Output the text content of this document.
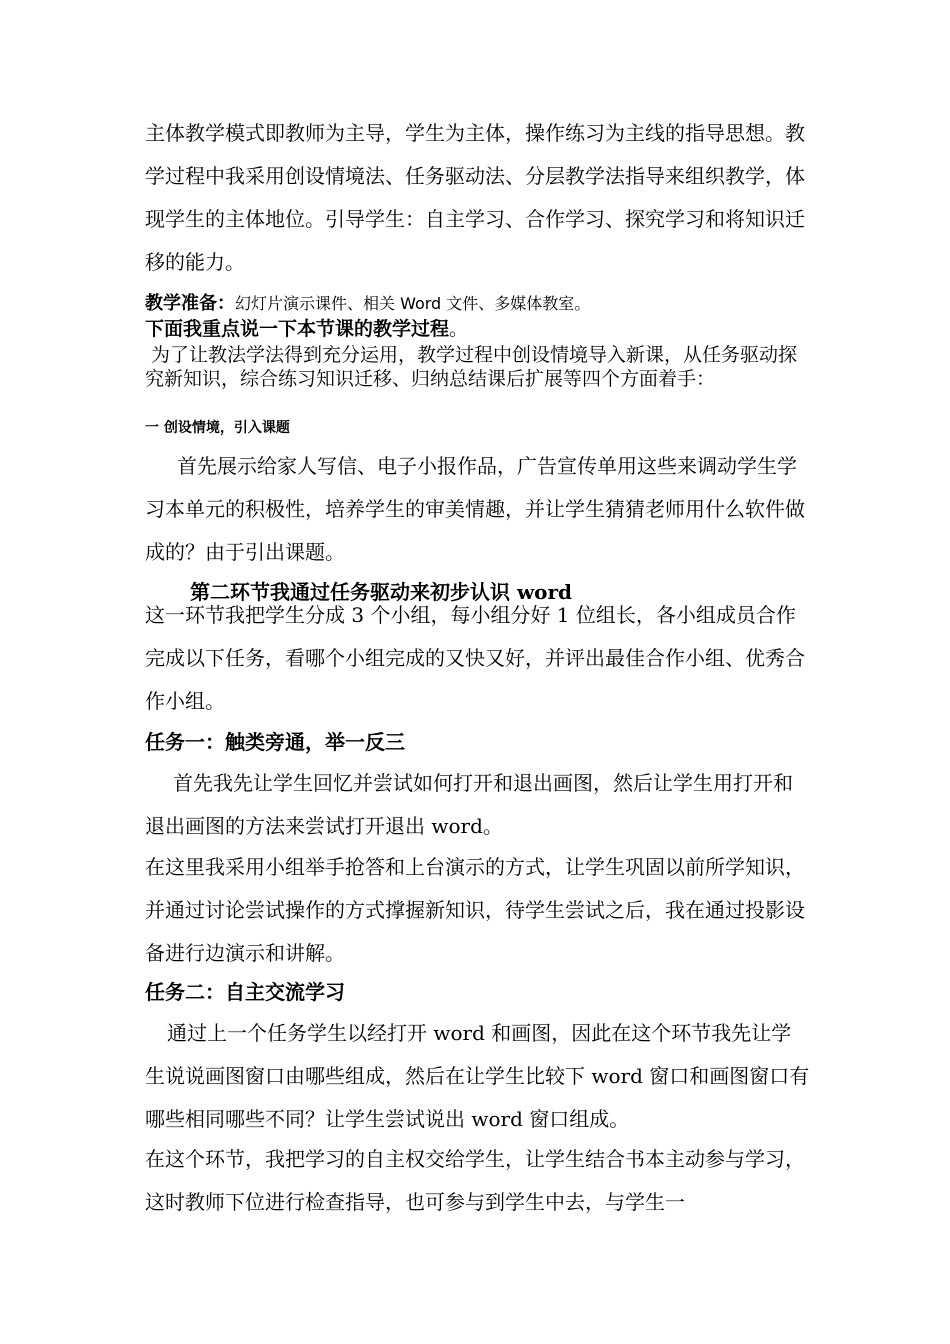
主体教学模式即教师为主导，学生为主体，操作练习为主线的指导思想。教学过程中我采用创设情境法、任务驱动法、分层教学法指导来组织教学，体现学生的主体地位。引导学生：自主学习、合作学习、探究学习和将知识迁移的能力。

教学准备：幻灯片演示课件、相关 Word 文件、多媒体教室。

下面我重点说一下本节课的教学过程。

为了让教法学法得到充分运用，教学过程中创设情境导入新课，从任务驱动探究新知识，综合练习知识迁移、归纳总结课后扩展等四个方面着手：

一 创设情境，引入课题

首先展示给家人写信、电子小报作品，广告宣传单用这些来调动学生学习本单元的积极性，培养学生的审美情趣，并让学生猜猜老师用什么软件做成的？由于引出课题。

第二环节我通过任务驱动来初步认识 word

这一环节我把学生分成 3 个小组，每小组分好 1 位组长，各小组成员合作完成以下任务，看哪个小组完成的又快又好，并评出最佳合作小组、优秀合作小组。

任务一：触类旁通，举一反三

首先我先让学生回忆并尝试如何打开和退出画图，然后让学生用打开和退出画图的方法来尝试打开退出 word。

在这里我采用小组举手抢答和上台演示的方式，让学生巩固以前所学知识，并通过讨论尝试操作的方式撑握新知识，待学生尝试之后，我在通过投影设备进行边演示和讲解。

任务二：自主交流学习

通过上一个任务学生以经打开 word 和画图，因此在这个环节我先让学生说说画图窗口由哪些组成，然后在让学生比较下 word 窗口和画图窗口有哪些相同哪些不同？让学生尝试说出 word 窗口组成。

在这个环节，我把学习的自主权交给学生，让学生结合书本主动参与学习，这时教师下位进行检查指导，也可参与到学生中去，与学生一
